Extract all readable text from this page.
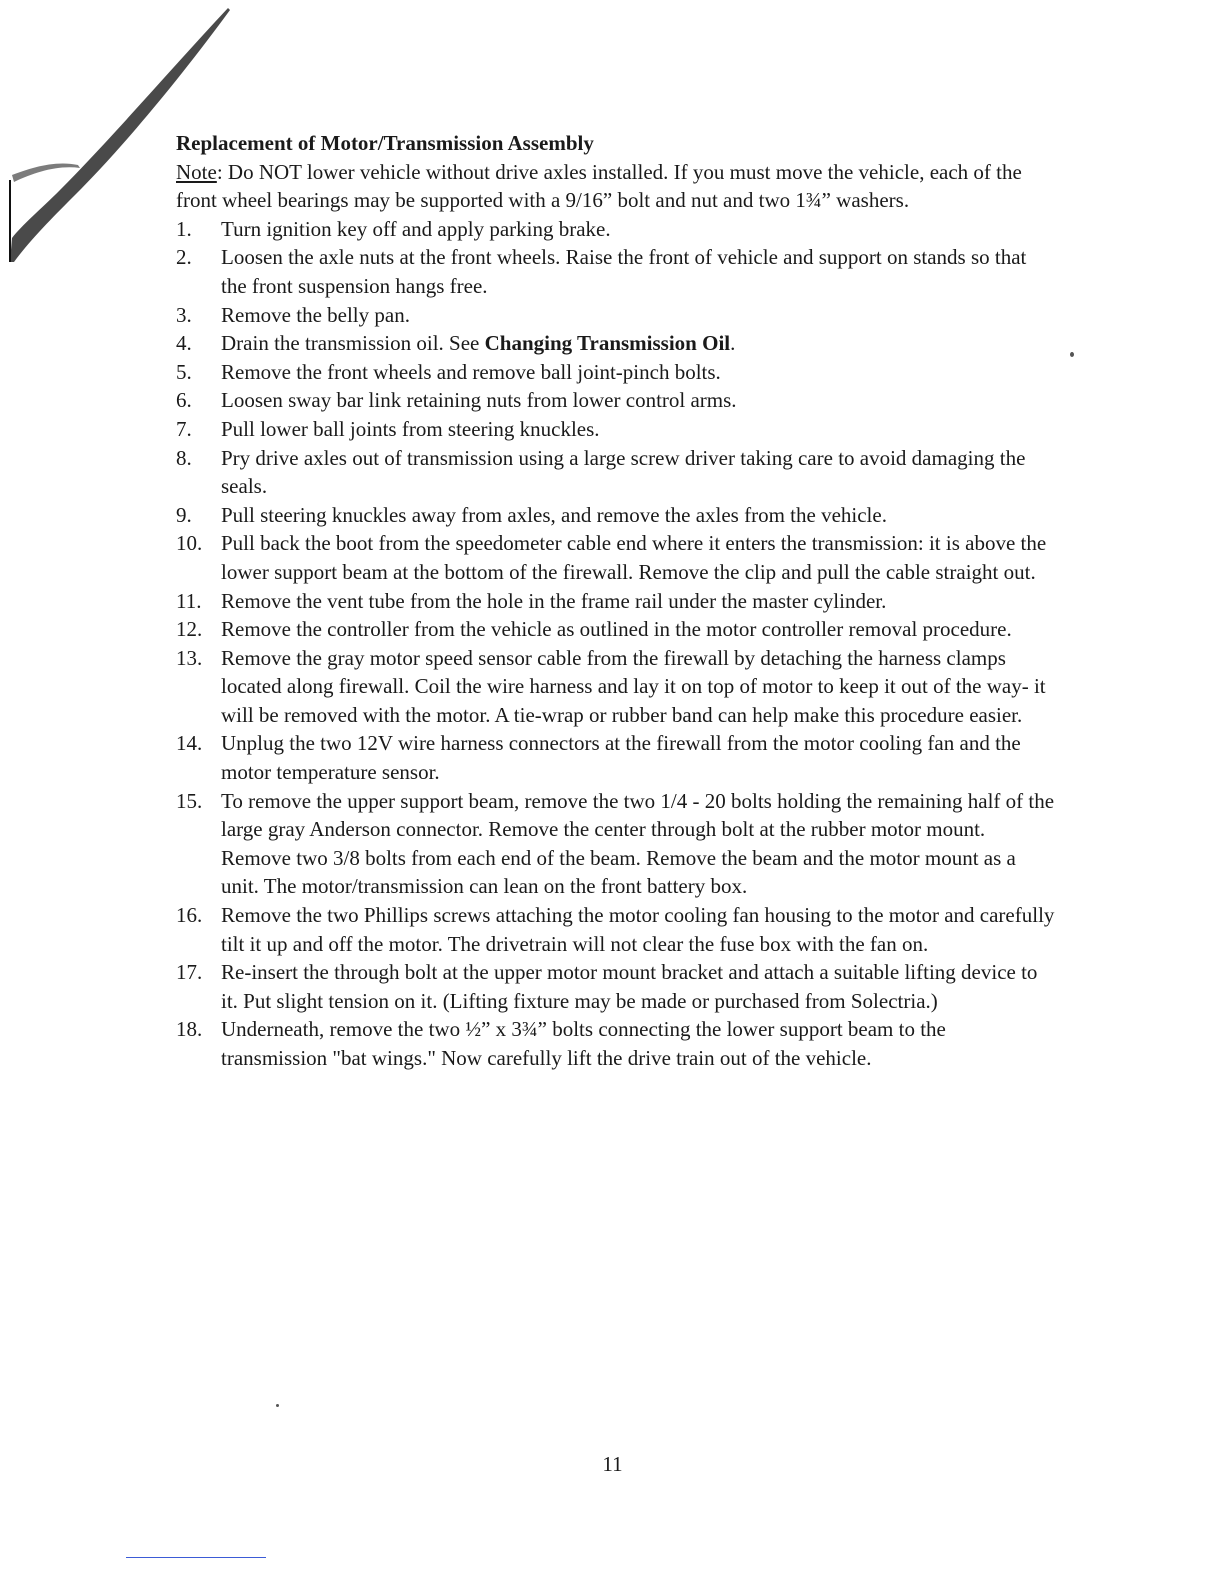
Replacement of Motor/Transmission Assembly

Note: Do NOT lower vehicle without drive axles installed. If you must move the vehicle, each of the front wheel bearings may be supported with a 9/16” bolt and nut and two 1¾” washers.

1.	Turn ignition key off and apply parking brake.
2.	Loosen the axle nuts at the front wheels. Raise the front of vehicle and support on stands so that the front suspension hangs free.
3.	Remove the belly pan.
4.	Drain the transmission oil. See Changing Transmission Oil.
5.	Remove the front wheels and remove ball joint-pinch bolts.
6.	Loosen sway bar link retaining nuts from lower control arms.
7.	Pull lower ball joints from steering knuckles.
8.	Pry drive axles out of transmission using a large screw driver taking care to avoid damaging the seals.
9.	Pull steering knuckles away from axles, and remove the axles from the vehicle.
10. Pull back the boot from the speedometer cable end where it enters the transmission: it is above the lower support beam at the bottom of the firewall. Remove the clip and pull the cable straight out.
11. Remove the vent tube from the hole in the frame rail under the master cylinder.
12. Remove the controller from the vehicle as outlined in the motor controller removal procedure.
13. Remove the gray motor speed sensor cable from the firewall by detaching the harness clamps located along firewall. Coil the wire harness and lay it on top of motor to keep it out of the way- it will be removed with the motor. A tie-wrap or rubber band can help make this procedure easier.
14. Unplug the two 12V wire harness connectors at the firewall from the motor cooling fan and the motor temperature sensor.
15. To remove the upper support beam, remove the two 1/4 - 20 bolts holding the remaining half of the large gray Anderson connector. Remove the center through bolt at the rubber motor mount. Remove two 3/8 bolts from each end of the beam. Remove the beam and the motor mount as a unit. The motor/transmission can lean on the front battery box.
16. Remove the two Phillips screws attaching the motor cooling fan housing to the motor and carefully tilt it up and off the motor. The drivetrain will not clear the fuse box with the fan on.
17. Re-insert the through bolt at the upper motor mount bracket and attach a suitable lifting device to it. Put slight tension on it. (Lifting fixture may be made or purchased from Solectria.)
18. Underneath, remove the two ½” x 3¾” bolts connecting the lower support beam to the transmission "bat wings." Now carefully lift the drive train out of the vehicle.
11
